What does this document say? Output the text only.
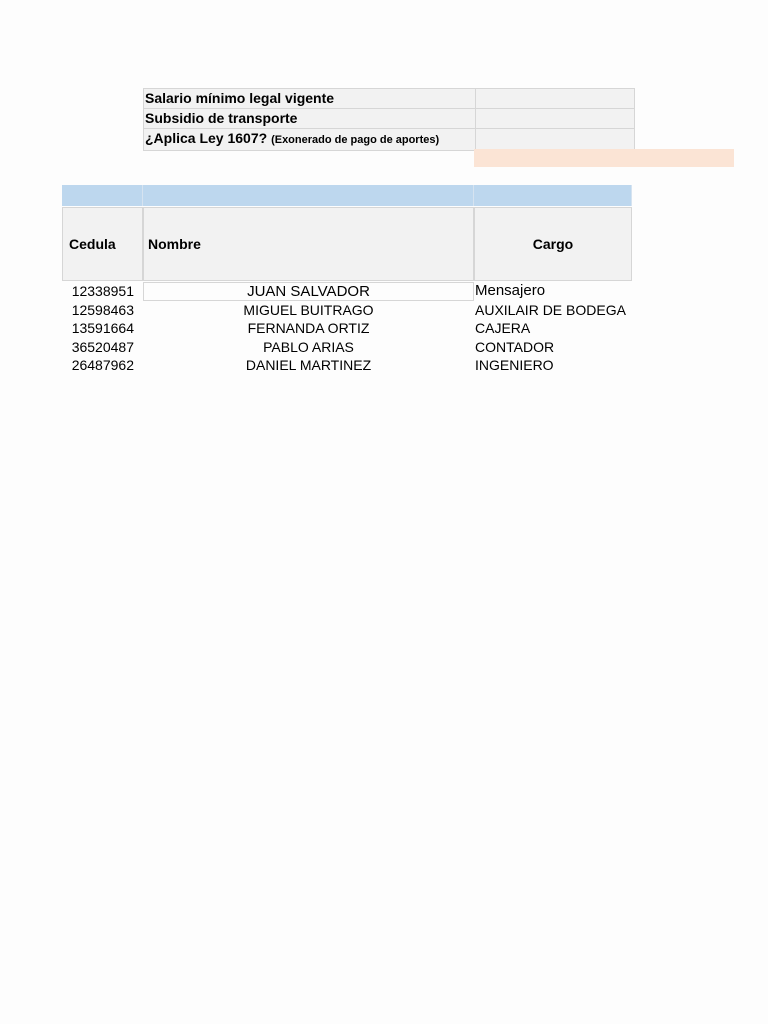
Salario mínimo legal vigente	
Subsidio de transporte	
¿Aplica Ley 1607? (Exonerado de pago de aportes)	
Cedula	Nombre	Cargo
12338951	JUAN SALVADOR	Mensajero
12598463	MIGUEL BUITRAGO	AUXILAIR DE BODEGA
13591664	FERNANDA ORTIZ	CAJERA
36520487	PABLO ARIAS	CONTADOR
26487962	DANIEL MARTINEZ	INGENIERO
